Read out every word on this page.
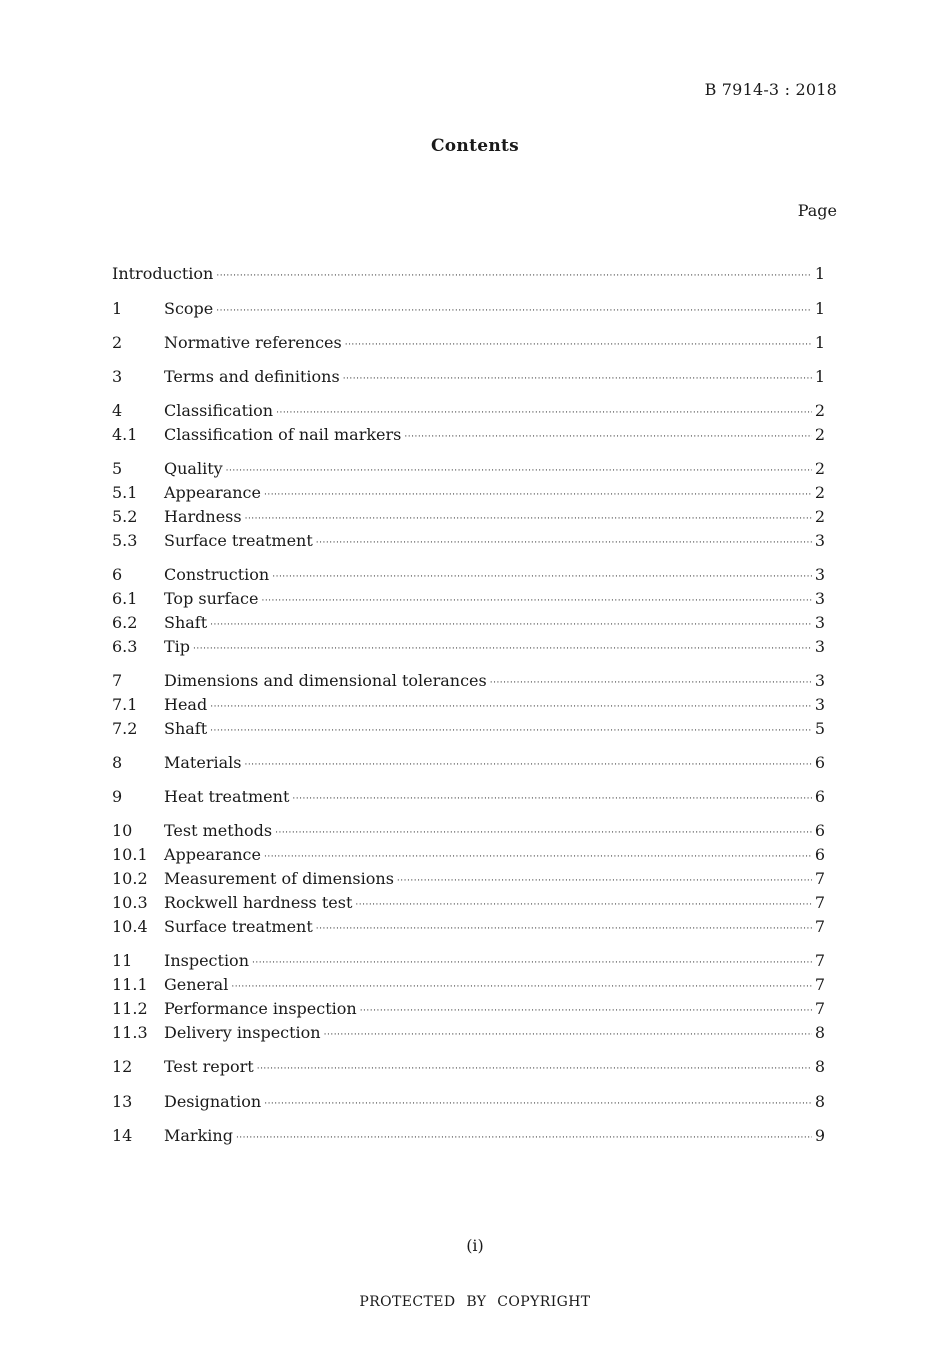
B 7914-3 : 2018
Contents
Page
Introduction ·····	1
1	Scope ·····	1
2	Normative references ·····	1
3	Terms and definitions ·····	1
4	Classification ·····	2
4.1	Classification of nail markers ·····	2
5	Quality ·····	2
5.1	Appearance ·····	2
5.2	Hardness ·····	2
5.3	Surface treatment ·····	3
6	Construction ·····	3
6.1	Top surface ·····	3
6.2	Shaft ·····	3
6.3	Tip ·····	3
7	Dimensions and dimensional tolerances ·····	3
7.1	Head ·····	3
7.2	Shaft ·····	5
8	Materials ·····	6
9	Heat treatment ·····	6
10	Test methods ·····	6
10.1	Appearance ·····	6
10.2	Measurement of dimensions ·····	7
10.3	Rockwell hardness test ·····	7
10.4	Surface treatment ·····	7
11	Inspection ·····	7
11.1	General ·····	7
11.2	Performance inspection ·····	7
11.3	Delivery inspection ·····	8
12	Test report ·····	8
13	Designation ·····	8
14	Marking ·····	9
(i)
PROTECTED BY COPYRIGHT
